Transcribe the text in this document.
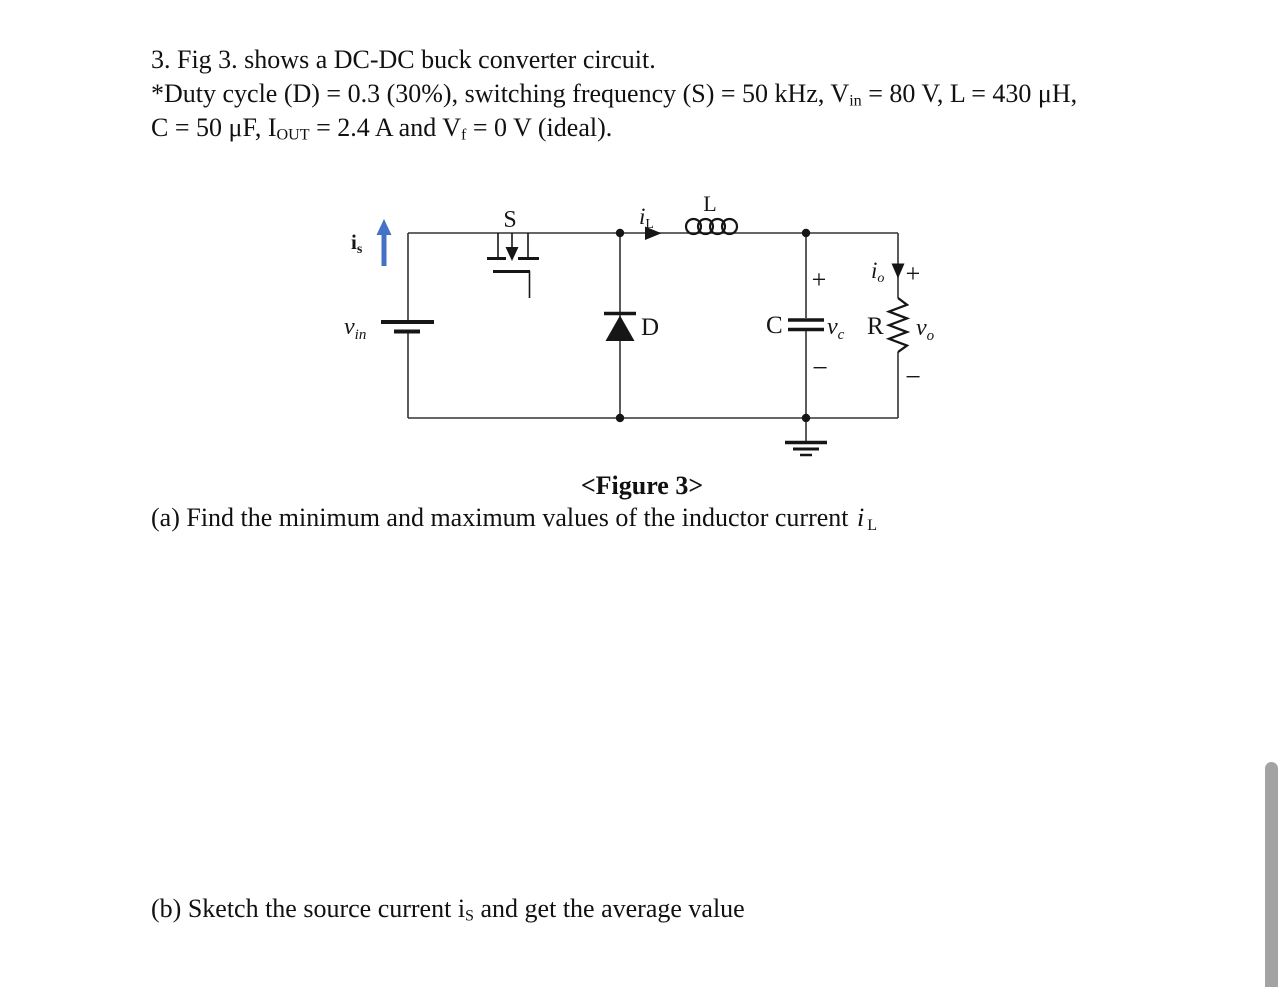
3. Fig 3. shows a DC-DC buck converter circuit.
*Duty cycle (D) = 0.3 (30%), switching frequency (S) = 50 kHz, $V_{in} = 80$ V, L = 430 μH,
C = 50 μF, $I_{OUT} = 2.4$ A and $V_f = 0$ V (ideal).
$v_{in}$
is
S	iL
L
D	C $v_c$
+
−
io +
R $v_o$
−
<Figure 3>
(a) Find the minimum and maximum values of the inductor current i $_L$
(b) Sketch the source current $i_S$ and get the average value
